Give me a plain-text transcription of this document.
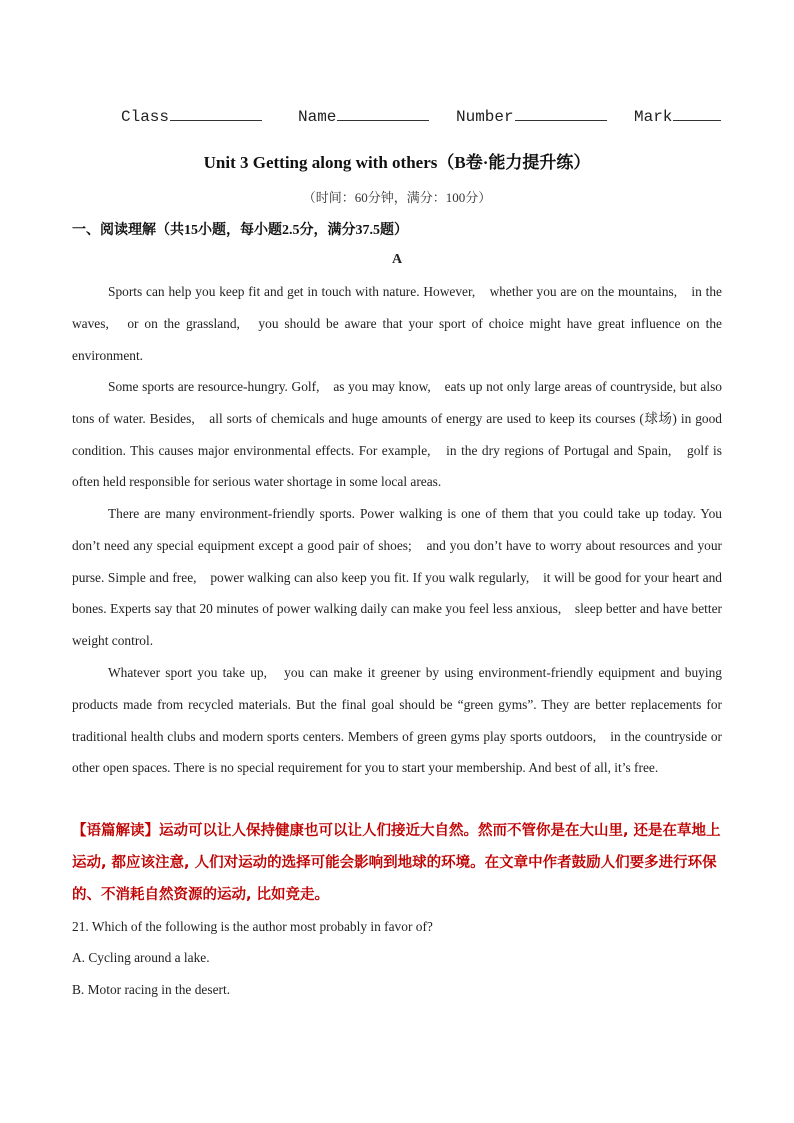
Class	Name	Number	Mark
Unit 3 Getting along with others（B卷·能力提升练）
（时间：60分钟，满分：100分）
一、阅读理解（共15小题，每小题2.5分，满分37.5题）
A
Sports can help you keep fit and get in touch with nature. However,　whether you are on the mountains,　in the waves,　or on the grassland,　you should be aware that your sport of choice might have great influence on the environment.
Some sports are resource-hungry. Golf,　as you may know,　eats up not only large areas of countryside, but also tons of water. Besides,　all sorts of chemicals and huge amounts of energy are used to keep its courses (球场) in good condition. This causes major environmental effects. For example,　in the dry regions of Portugal and Spain,　golf is often held responsible for serious water shortage in some local areas.
There are many environment-friendly sports. Power walking is one of them that you could take up today. You don’t need any special equipment except a good pair of shoes;　and you don’t have to worry about resources and your purse. Simple and free,　power walking can also keep you fit. If you walk regularly,　it will be good for your heart and bones. Experts say that 20 minutes of power walking daily can make you feel less anxious,　sleep better and have better weight control.
Whatever sport you take up,　you can make it greener by using environment-friendly equipment and buying products made from recycled materials. But the final goal should be “green gyms”. They are better replacements for traditional health clubs and modern sports centers. Members of green gyms play sports outdoors,　in the countryside or other open spaces. There is no special requirement for you to start your membership. And best of all, it’s free.
【语篇解读】运动可以让人保持健康也可以让人们接近大自然。然而不管你是在大山里, 还是在草地上运动, 都应该注意, 人们对运动的选择可能会影响到地球的环境。在文章中作者鼓励人们要多进行环保的、不消耗自然资源的运动, 比如竞走。
21. Which of the following is the author most probably in favor of?
A. Cycling around a lake.
B. Motor racing in the desert.
